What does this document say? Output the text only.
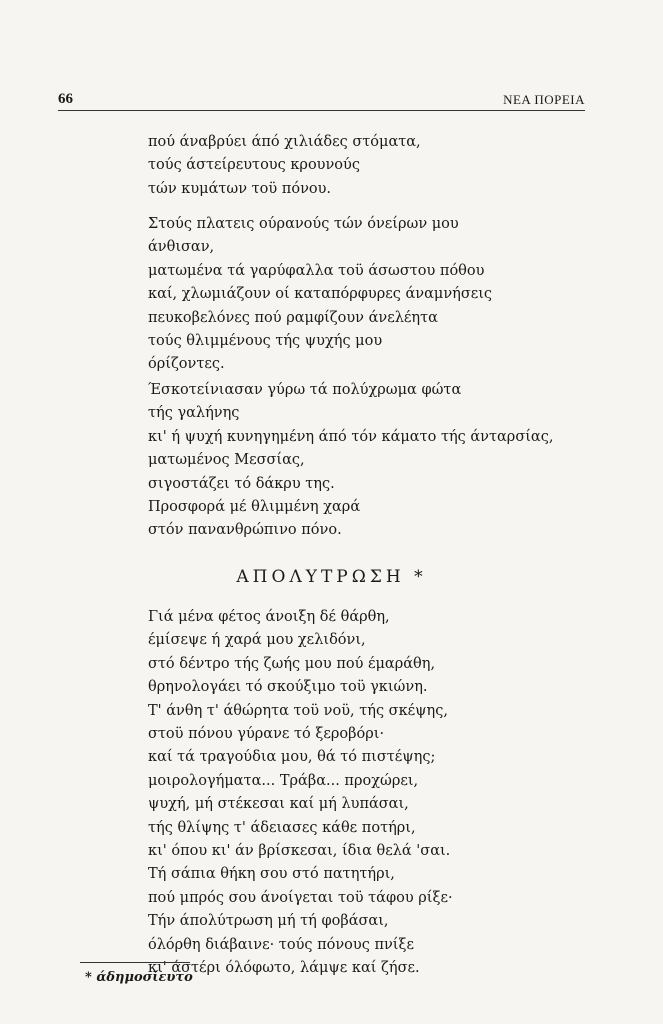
66	ΝΕΑ ΠΟΡΕΙΑ
πού άναβρύει άπό χιλιάδες στόματα,
τούς άστείρευτους κρουνούς
τών κυμάτων τοϋ πόνου.
Στούς πλατεις ούρανούς τών όνείρων μου
άνθισαν,
ματωμένα τά γαρύφαλλα τοϋ άσωστου πόθου
καί, χλωμιάζουν οί καταπόρφυρες άναμνήσεις
πευκοβελόνες πού ραμφίζουν άνελέητα
τούς θλιμμένους τής ψυχής μου
όρίζοντες.
Έσκοτείνιασαν γύρω τά πολύχρωμα φώτα
τής γαλήνης
κι' ή ψυχή κυνηγημένη άπό τόν κάματο τής άνταρσίας,
ματωμένος Μεσσίας,
σιγοστάζει τό δάκρυ της.
Προσφορά μέ θλιμμένη χαρά
στόν πανανθρώπινο πόνο.
ΑΠΟΛΥΤΡΩΣΗ *
Γιά μένα φέτος άνοιξη δέ θάρθη,
έμίσεψε ή χαρά μου χελιδόνι,
στό δέντρο τής ζωής μου πού έμαράθη,
θρηνολογάει τό σκούξιμο τοϋ γκιώνη.
Τ' άνθη τ' άθώρητα τοϋ νοϋ, τής σκέψης,
στοϋ πόνου γύρανε τό ξεροβόρι·
καί τά τραγούδια μου, θά τό πιστέψης;
μοιρολογήματα... Τράβα... προχώρει,
ψυχή, μή στέκεσαι καί μή λυπάσαι,
τής θλίψης τ' άδειασες κάθε ποτήρι,
κι' όπου κι' άν βρίσκεσαι, ίδια θελά 'σαι.
Τή σάπια θήκη σου στό πατητήρι,
πού μπρός σου άνοίγεται τοϋ τάφου ρίξε·
Τήν άπολύτρωση μή τή φοβάσαι,
όλόρθη διάβαινε· τούς πόνους πνίξε
κι' άστέρι όλόφωτο, λάμψε καί ζήσε.
* άδημοσίευτο
